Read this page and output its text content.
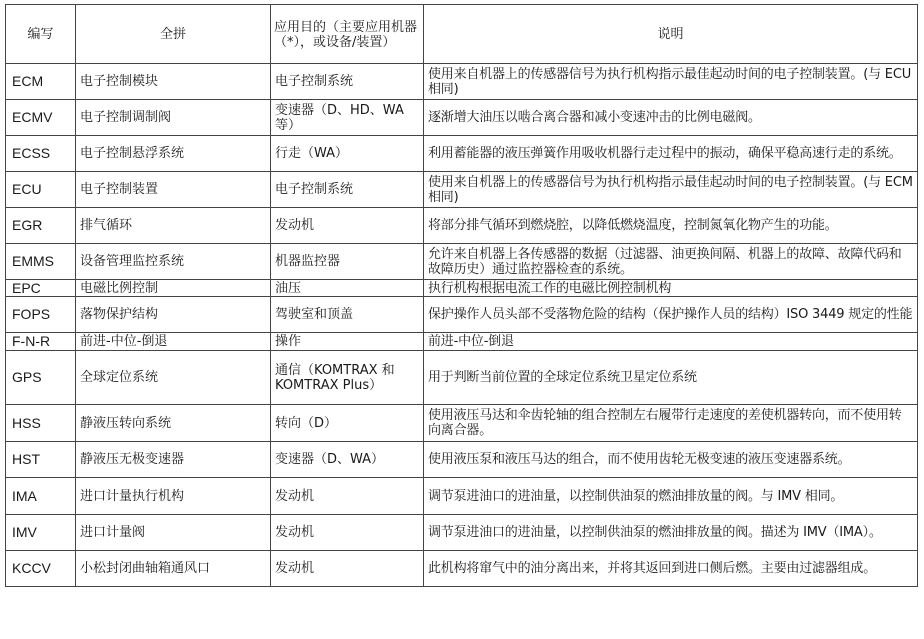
编写	全拼	应用目的（主要应用机器（*），或设备/装置）	说明
ECM	电子控制模块	电子控制系统	使用来自机器上的传感器信号为执行机构指示最佳起动时间的电子控制装置。(与 ECU 相同)
ECMV	电子控制调制阀	变速器（D、HD、WA 等）	逐渐增大油压以啮合离合器和减小变速冲击的比例电磁阀。
ECSS	电子控制悬浮系统	行走（WA）	利用蓄能器的液压弹簧作用吸收机器行走过程中的振动，确保平稳高速行走的系统。
ECU	电子控制装置	电子控制系统	使用来自机器上的传感器信号为执行机构指示最佳起动时间的电子控制装置。(与 ECM 相同)
EGR	排气循环	发动机	将部分排气循环到燃烧腔，以降低燃烧温度，控制氮氧化物产生的功能。
EMMS	设备管理监控系统	机器监控器	允许来自机器上各传感器的数据（过滤器、油更换间隔、机器上的故障、故障代码和故障历史）通过监控器检查的系统。
EPC	电磁比例控制	油压	执行机构根据电流工作的电磁比例控制机构
FOPS	落物保护结构	驾驶室和顶盖	保护操作人员头部不受落物危险的结构（保护操作人员的结构）ISO 3449 规定的性能
F-N-R	前进-中位-倒退	操作	前进-中位-倒退
GPS	全球定位系统	通信（KOMTRAX 和 KOMTRAX Plus）	用于判断当前位置的全球定位系统卫星定位系统
HSS	静液压转向系统	转向（D）	使用液压马达和伞齿轮轴的组合控制左右履带行走速度的差使机器转向，而不使用转向离合器。
HST	静液压无极变速器	变速器（D、WA）	使用液压泵和液压马达的组合，而不使用齿轮无极变速的液压变速器系统。
IMA	进口计量执行机构	发动机	调节泵进油口的进油量，以控制供油泵的燃油排放量的阀。与 IMV 相同。
IMV	进口计量阀	发动机	调节泵进油口的进油量，以控制供油泵的燃油排放量的阀。描述为 IMV（IMA）。
KCCV	小松封闭曲轴箱通风口	发动机	此机构将窜气中的油分离出来，并将其返回到进口侧后燃。主要由过滤器组成。
